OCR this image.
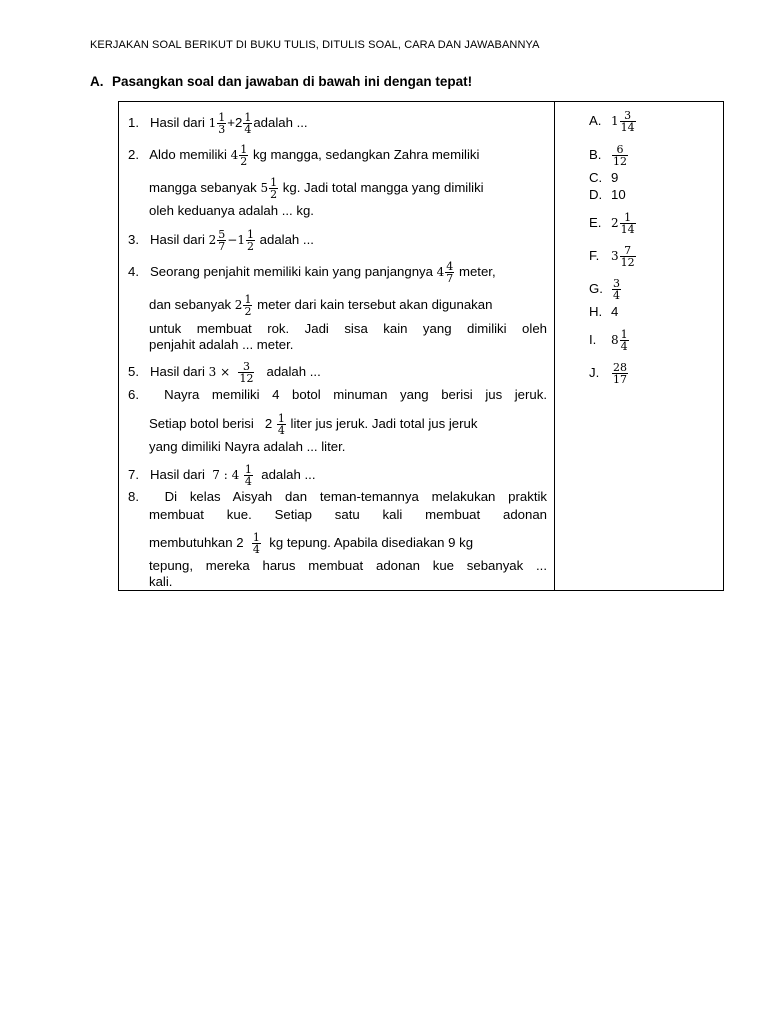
KERJAKAN SOAL BERIKUT DI BUKU TULIS, DITULIS SOAL, CARA DAN JAWABANNYA
A. Pasangkan soal dan jawaban di bawah ini dengan tepat!
1. Hasil dari $1 \frac{1}{3} +2 \frac{1}{4}$ adalah ...
2. Aldo memiliki $4 \frac{1}{2}$ kg mangga, sedangkan Zahra memiliki
mangga sebanyak $5 \frac{1}{2}$ kg. Jadi total mangga yang dimiliki
oleh keduanya adalah ... kg.
3. Hasil dari $2 \frac{5}{7} -1 \frac{1}{2}$ adalah ...
4. Seorang penjahit memiliki kain yang panjangnya $4 \frac{4}{7}$ meter,
dan sebanyak $2 \frac{1}{2}$ meter dari kain tersebut akan digunakan
untuk membuat rok. Jadi sisa kain yang dimiliki oleh
penjahit adalah ... meter.
5. Hasil dari $3 \times \frac{3}{12}$ adalah ...
6. Nayra memiliki 4 botol minuman yang berisi jus jeruk.
Setiap botol berisi $2 \frac{1}{4}$ liter jus jeruk. Jadi total jus jeruk
yang dimiliki Nayra adalah ... liter.
7. Hasil dari 7 : $4 \frac{1}{4}$ adalah ...
8. Di kelas Aisyah dan teman-temannya melakukan praktik
membuat kue. Setiap satu kali membuat adonan
membutuhkan $2 \frac{1}{4}$ kg tepung. Apabila disediakan 9 kg
tepung, mereka harus membuat adonan kue sebanyak ...
kali.
A. $1 \frac{3}{14}$
B. $\frac{6}{12}$
C. 9
D. 10
E. $2 \frac{1}{14}$
F. $3 \frac{7}{12}$
G. $\frac{3}{4}$
H. 4
I. $8 \frac{1}{4}$
J. $\frac{28}{17}$
